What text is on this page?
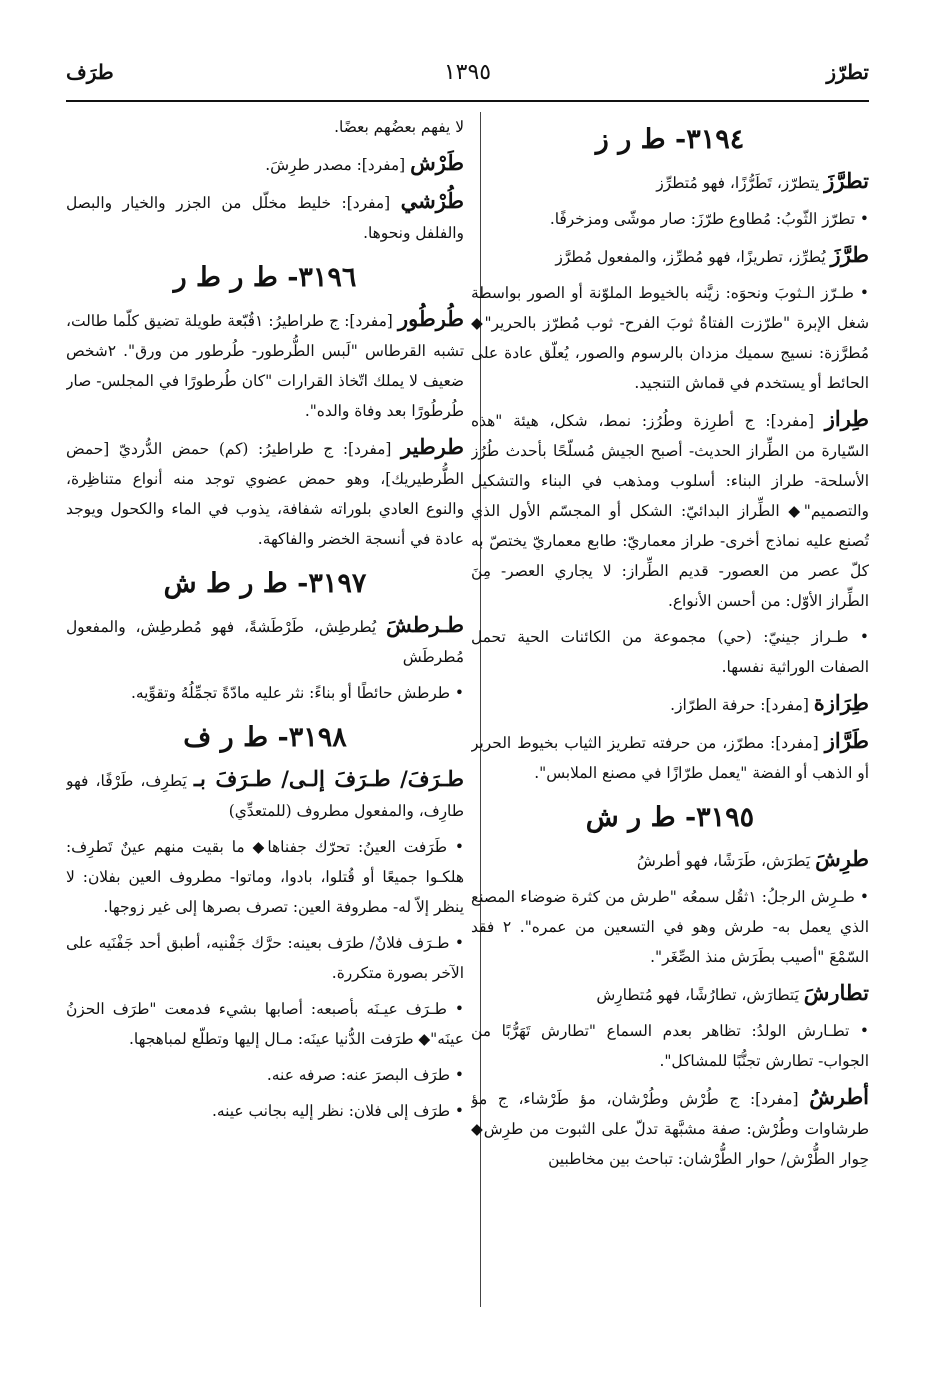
تطرّز
١٣٩٥
طرَف
٣١٩٤- ط ر ز

تطرَّزَ يتطرّز، تَطَرُّزًا، فهو مُتطرِّز

• تطرّز الثّوبُ: مُطاوع طرّزَ: صار موشّى ومزخرفًا.

طرَّزَ يُطرِّز، تطريزًا، فهو مُطرِّز، والمفعول مُطرَّز

• طـرّز الـثوبَ ونحوَه: زيَّنه بالخيوط الملوّنة أو الصور بواسطة شغل الإبرة "طرّزت الفتاةُ ثوبَ الفرح- ثوب مُطرّز بالحرير"◆ مُطرَّزة: نسيج سميك مزدان بالرسوم والصور، يُعلّق عادة على الحائط أو يستخدم في قماش التنجيد.

طِراز [مفرد]: ج أطرِزة وطُرُز: نمط، شكل، هيئة "هذه السّيارة من الطِّراز الحديث- أصبح الجيش مُسلّحًا بأحدث طُرُز الأسلحة- طراز البناء: أسلوب ومذهب في البناء والتشكيل والتصميم"◆ الطِّراز البدائيّ: الشكل أو المجسّم الأول الذي تُصنع عليه نماذج أخرى- طراز معماريّ: طابع معماريّ يختصّ به كلّ عصر من العصور- قديم الطِّراز: لا يجاري العصر- مِنَ الطِّراز الأوّل: من أحسن الأنواع.

• طـراز جينيّ: (حي) مجموعة من الكائنات الحية تحمل الصفات الوراثية نفسها.

طِرَازة [مفرد]: حرفة الطرّاز.

طَرَّاز [مفرد]: مطرّز، من حرفته تطريز الثياب بخيوط الحرير أو الذهب أو الفضة "يعمل طرّازًا في مصنع الملابس".

٣١٩٥- ط ر ش

طرِشَ يَطرَش، طَرَشًا، فهو أطرشُ

• طـرِش الرجلُ: ١ثقُل سمعُه "طرش من كثرة ضوضاء المصنع الذي يعمل به- طرش وهو في التسعين من عمره". ٢ فقد السّمْعَ "أصيب بطَرَش منذ الصِّغَر".

تطارشَ يَتطارَش، تطارُشًا، فهو مُتطارِش

• تطـارش الولدُ: تظاهر بعدم السماع "تطارش تَهَرُّبًا من الجواب- تطارش تجنُّبًا للمشاكل".

أطرشُ [مفرد]: ج طُرْش وطُرْشان، مؤ طَرْشاء، ج مؤ طرشاوات وطُرْش: صفة مشبَّهة تدلّ على الثبوت من طرِش◆ حِوار الطُّرْش/ حوار الطُّرْشان: تباحث بين مخاطبين

لا يفهم بعضُهم بعضًا.

طَرْش [مفرد]: مصدر طرِشَ.

طُرْشي [مفرد]: خليط مخلّل من الجزر والخيار والبصل والفلفل ونحوها.

٣١٩٦- ط ر ط ر

طُرطُور [مفرد]: ج طراطيرُ: ١قُبّعة طويلة تضيق كلّما طالت، تشبه القرطاس "لَبس الطُّرطور- طُرطور من ورق". ٢شخص ضعيف لا يملك اتّخاذ القرارات "كان طُرطورًا في المجلس- صار طُرطُورًا بعد وفاة والده".

طرطير [مفرد]: ج طراطيرُ: (كم) حمض الدُّرديّ [حمض الطُّرطيريك]، وهو حمض عضوي توجد منه أنواع متناظِرة، والنوع العادي بلوراته شفافة، يذوب في الماء والكحول ويوجد عادة في أنسجة الخضر والفاكهة.

٣١٩٧- ط ر ط ش

طـرطشَ يُطرطِش، طَرْطَشةً، فهو مُطرطِش، والمفعول مُطرطَش

• طرطش حائطًا أو بناءً: نثر عليه مادّةً تجمِّلُهُ وتقوِّيه.

٣١٩٨- ط ر ف

طـرَفَ/ طـرَفَ إلـى/ طـرَفَ بـ يَطرِف، طَرْفًا، فهو طارِف، والمفعول مطروف (للمتعدِّي)

• طَرَفت العينُ: تحرّك جفناها◆ ما بقيت منهم عينٌ تَطرِف: هلكـوا جميعًا أو قُتلوا، بادوا، وماتوا- مطروف العين بفلان: لا ينظر إلاّ له- مطروفة العين: تصرف بصرها إلى غير زوجها.

• طـرَف فلانٌ/ طرَف بعينه: حرَّك جَفْنيه، أطبق أحد جَفْنَيه على الآخر بصورة متكررة.

• طـرَف عيـنَه بأصبعه: أصابها بشيء فدمعت "طرَف الحزنُ عينَه"◆ طرَفت الدُّنيا عينَه: مـال إليها وتطلّع لمباهجها.

• طرَف البصرَ عنه: صرفه عنه.

• طرَف إلى فلان: نظر إليه بجانب عينه.
